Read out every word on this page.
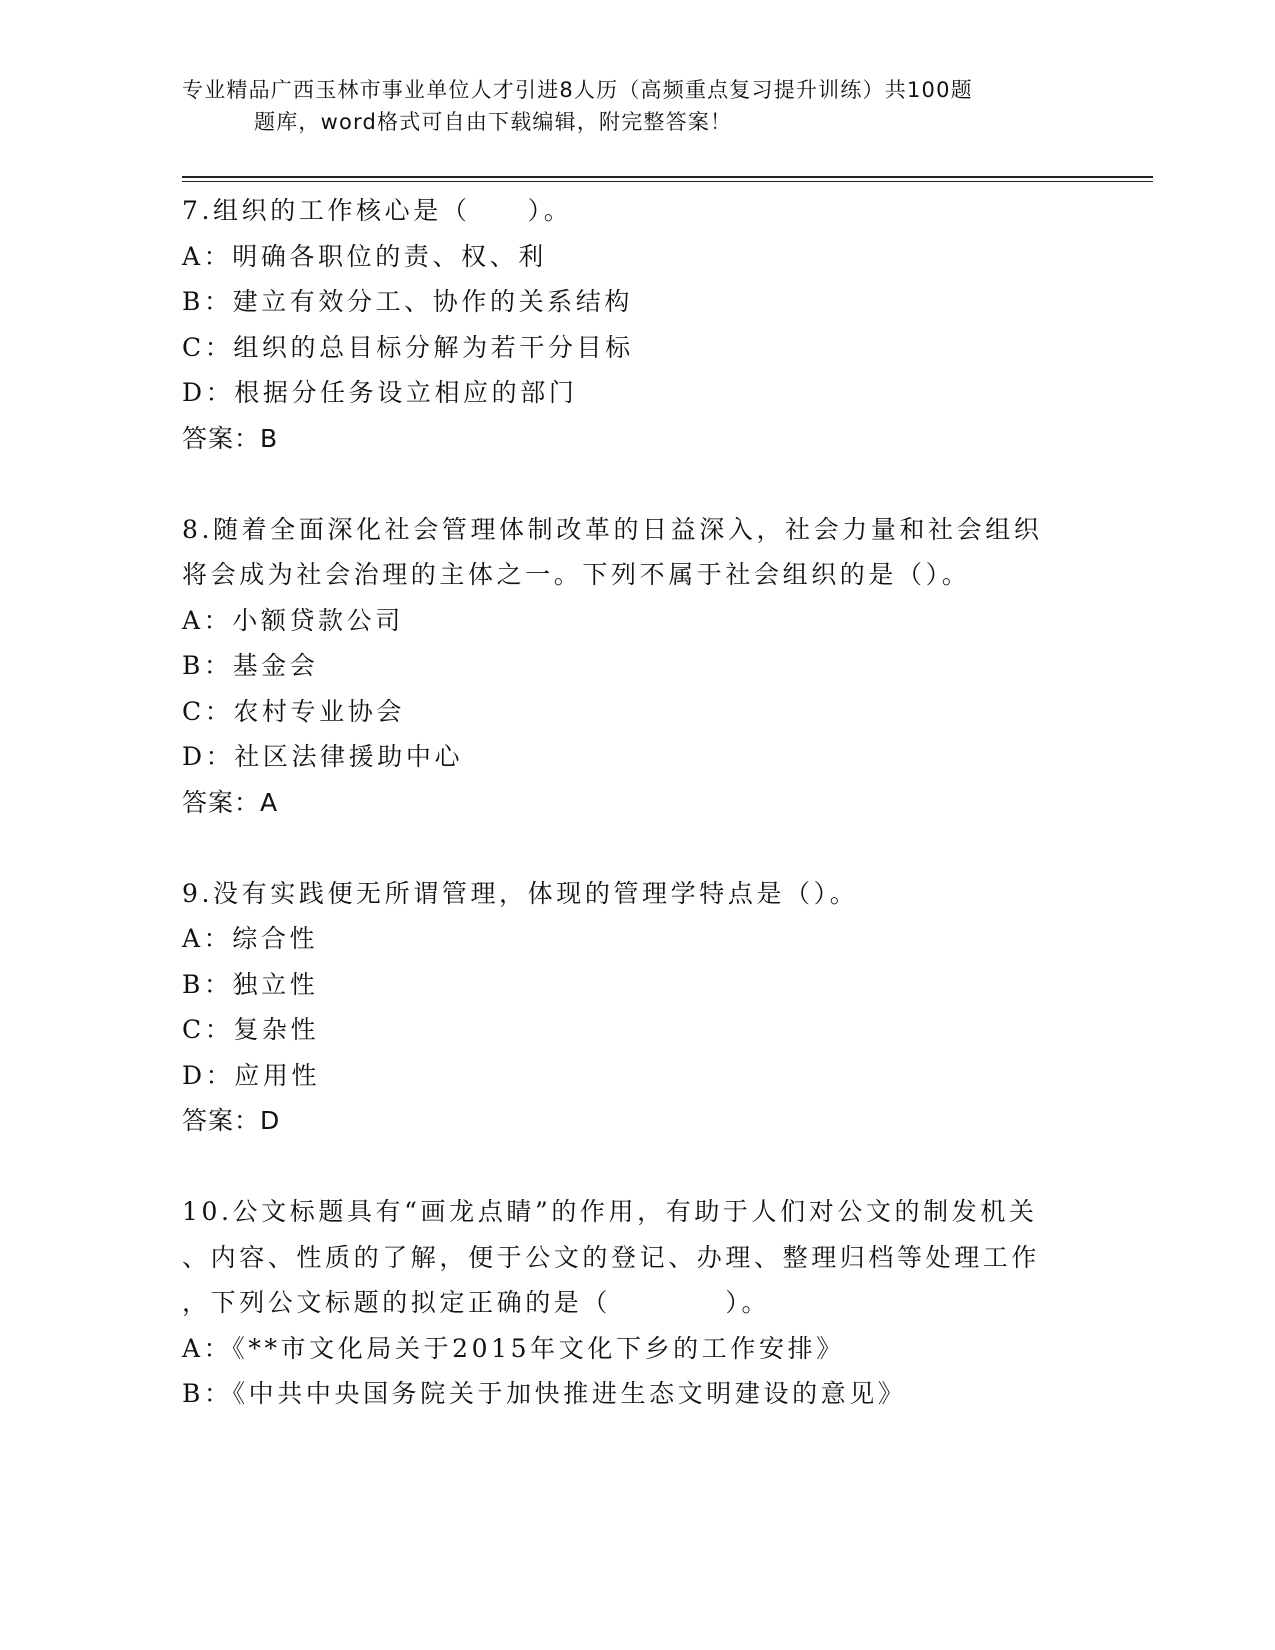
专业精品广西玉林市事业单位人才引进8人历（高频重点复习提升训练）共100题
题库，word格式可自由下载编辑，附完整答案！
7.组织的工作核心是（　　）。
A：明确各职位的责、权、利
B：建立有效分工、协作的关系结构
C：组织的总目标分解为若干分目标
D：根据分任务设立相应的部门
答案：B
8.随着全面深化社会管理体制改革的日益深入，社会力量和社会组织
将会成为社会治理的主体之一。下列不属于社会组织的是（）。
A：小额贷款公司
B：基金会
C：农村专业协会
D：社区法律援助中心
答案：A
9.没有实践便无所谓管理，体现的管理学特点是（）。
A：综合性
B：独立性
C：复杂性
D：应用性
答案：D
10.公文标题具有“画龙点睛”的作用，有助于人们对公文的制发机关
、内容、性质的了解，便于公文的登记、办理、整理归档等处理工作
，下列公文标题的拟定正确的是（　　　　）。
A：《**市文化局关于2015年文化下乡的工作安排》
B：《中共中央国务院关于加快推进生态文明建设的意见》
